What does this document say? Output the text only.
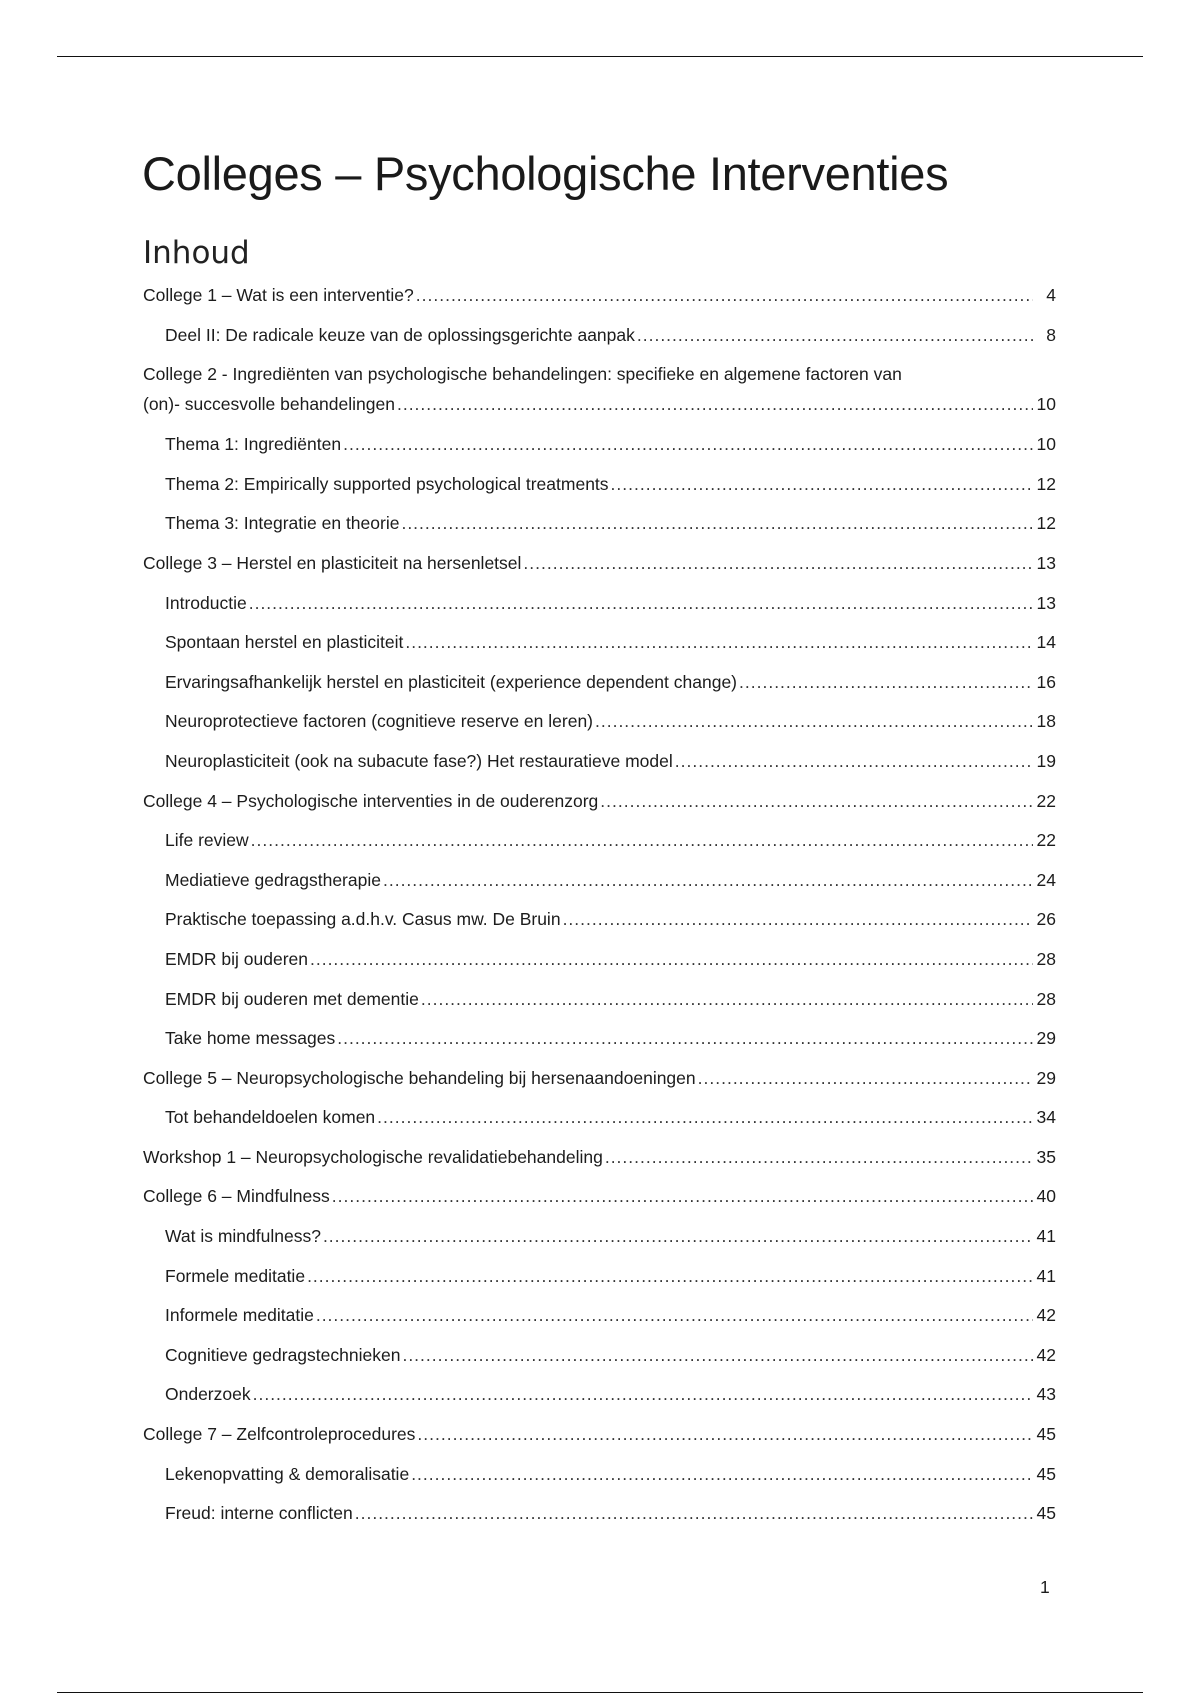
Colleges – Psychologische Interventies
Inhoud
College 1 – Wat is een interventie? .....	4
Deel II: De radicale keuze van de oplossingsgerichte aanpak .....	8
College 2 - Ingrediënten van psychologische behandelingen: specifieke en algemene factoren van
(on)- succesvolle behandelingen .....	10
Thema 1: Ingrediënten .....	10
Thema 2: Empirically supported psychological treatments .....	12
Thema 3: Integratie en theorie .....	12
College 3 – Herstel en plasticiteit na hersenletsel .....	13
Introductie .....	13
Spontaan herstel en plasticiteit .....	14
Ervaringsafhankelijk herstel en plasticiteit (experience dependent change) .....	16
Neuroprotectieve factoren (cognitieve reserve en leren) .....	18
Neuroplasticiteit (ook na subacute fase?) Het restauratieve model .....	19
College 4 – Psychologische interventies in de ouderenzorg .....	22
Life review .....	22
Mediatieve gedragstherapie .....	24
Praktische toepassing a.d.h.v. Casus mw. De Bruin .....	26
EMDR bij ouderen .....	28
EMDR bij ouderen met dementie .....	28
Take home messages .....	29
College 5 – Neuropsychologische behandeling bij hersenaandoeningen .....	29
Tot behandeldoelen komen .....	34
Workshop 1 – Neuropsychologische revalidatiebehandeling .....	35
College 6 – Mindfulness .....	40
Wat is mindfulness? .....	41
Formele meditatie .....	41
Informele meditatie .....	42
Cognitieve gedragstechnieken .....	42
Onderzoek .....	43
College 7 – Zelfcontroleprocedures .....	45
Lekenopvatting & demoralisatie .....	45
Freud: interne conflicten .....	45
1
